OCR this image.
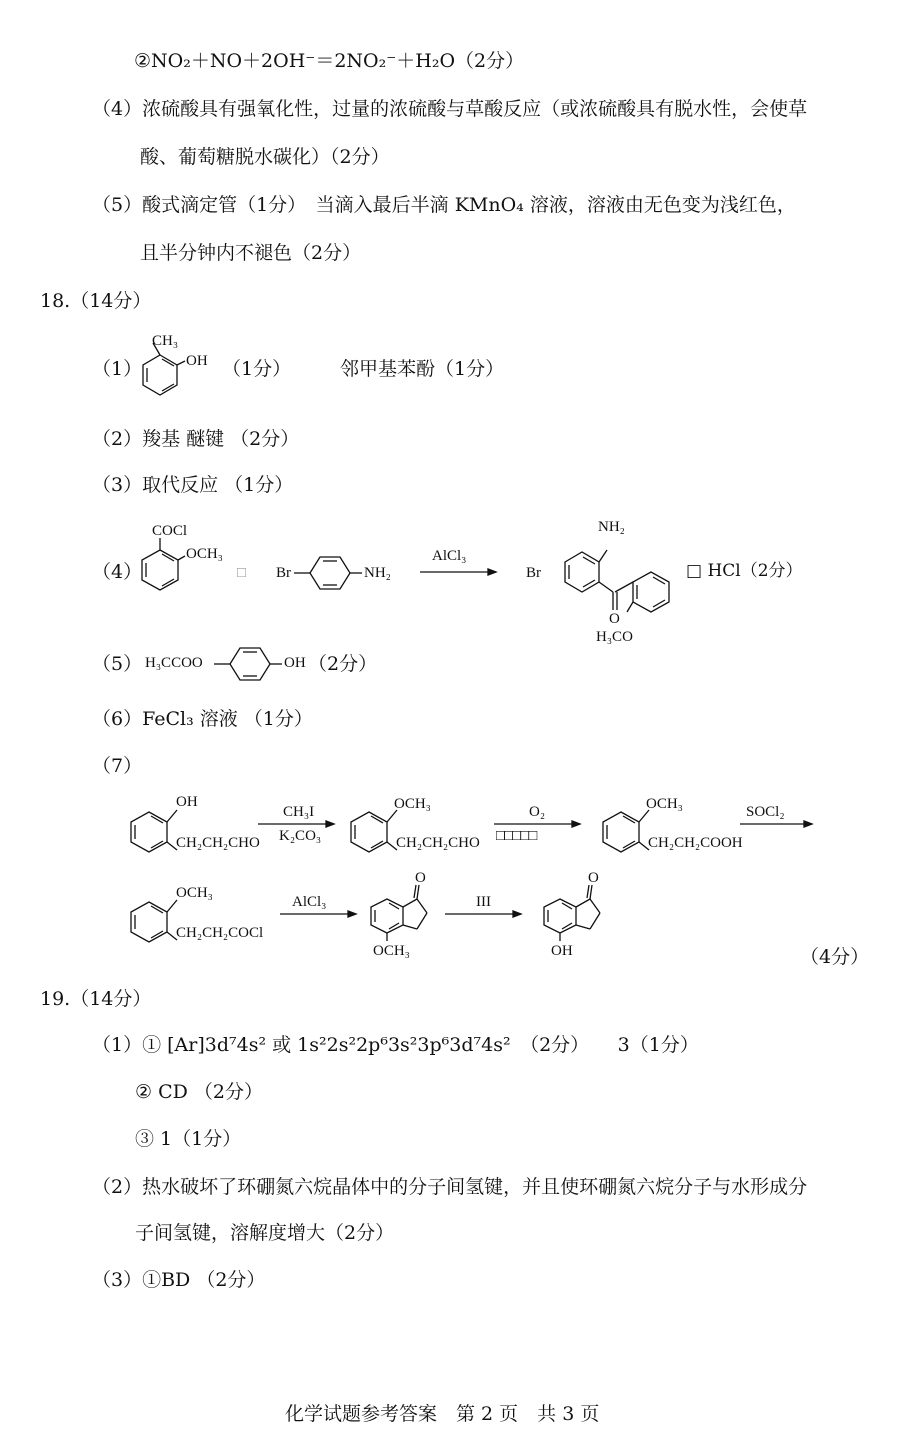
②NO₂＋NO＋2OH⁻＝2NO₂⁻＋H₂O（2分）
（4）浓硫酸具有强氧化性，过量的浓硫酸与草酸反应（或浓硫酸具有脱水性，会使草
酸、葡萄糖脱水碳化）（2分）
（5）酸式滴定管（1分）　当滴入最后半滴 KMnO₄ 溶液，溶液由无色变为浅红色，
且半分钟内不褪色（2分）
18.（14分）
（1）
CH₃
OH （1分）	邻甲基苯酚（1分）
（2）羧基 醚键 （2分）
（3）取代反应 （1分）
（4）
COCl
OCH₃
□ Br	NH₂
AlCl₃
Br
NH₂
O
H₃CO
□ HCl（2分）
（5） H₃CCOO	OH （2分）
（6）FeCl₃ 溶液 （1分）
（7）
OH
CH₂CH₂CHO
CH₃I
K₂CO₃
OCH₃
CH₂CH₂CHO
O₂
□□□□□
OCH₃
CH₂CH₂COOH
SOCl₂
OCH₃
CH₂CH₂COCl
AlCl₃
O
OCH₃
III
O
OH	（4分）
19.（14分）
（1）① [Ar]3d⁷4s² 或 1s²2s²2p⁶3s²3p⁶3d⁷4s²　（2分）　　3（1分）
② CD （2分）
③ 1（1分）
（2）热水破坏了环硼氮六烷晶体中的分子间氢键，并且使环硼氮六烷分子与水形成分
子间氢键，溶解度增大（2分）
（3）①BD （2分）
化学试题参考答案　第 2 页　共 3 页
